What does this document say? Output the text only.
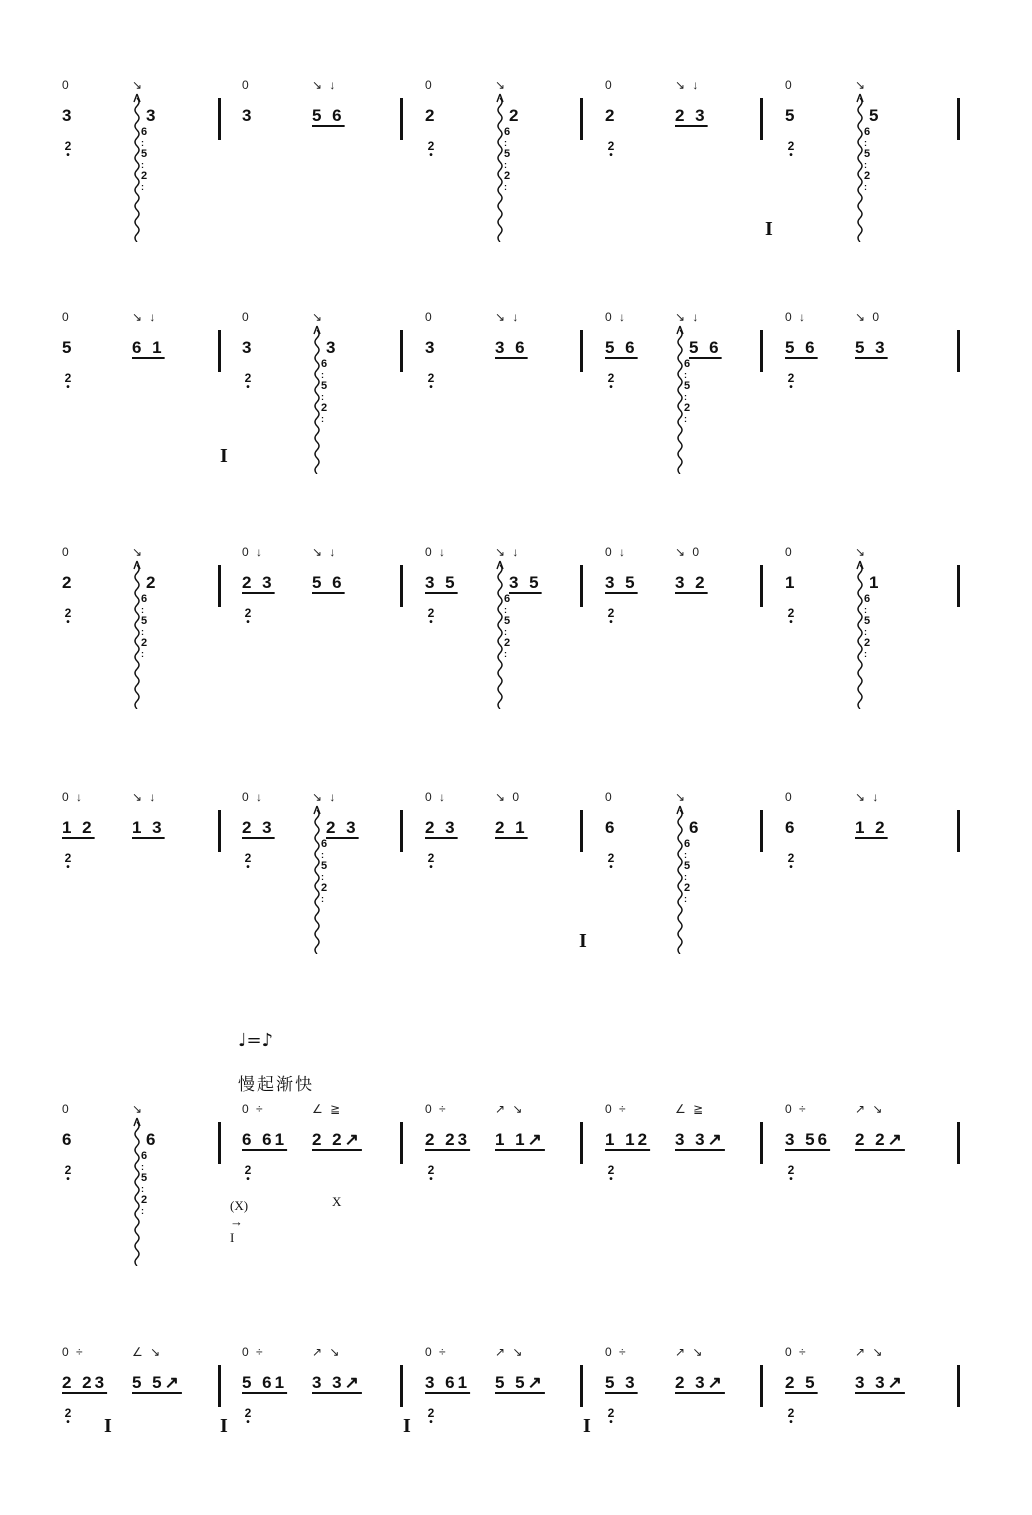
♩=♪
慢起渐快
0
3
2
•
↘
3
6
:
5
:
2
:
0
3
↘ ↓
5 6
0
2
2
•
↘
2
6
:
5
:
2
:
0
2
2
•
↘ ↓
2 3
0
5
2
•
I
↘
5
6
:
5
:
2
:
0
5
2
•
↘ ↓
6 1
0
3
2
•
I
↘
3
6
:
5
:
2
:
0
3
2
•
↘ ↓
3 6
0 ↓
5 6
2
•
↘ ↓
5 6
6
:
5
:
2
:
0 ↓
5 6
2
•
↘ 0
5 3
0
2
2
•
↘
2
6
:
5
:
2
:
0 ↓
2 3
2
•
↘ ↓
5 6
0 ↓
3 5
2
•
↘ ↓
3 5
6
:
5
:
2
:
0 ↓
3 5
2
•
↘ 0
3 2
0
1
2
•
↘
1
6
:
5
:
2
:
0 ↓
1 2
2
•
↘ ↓
1 3
0 ↓
2 3
2
•
↘ ↓
2 3
6
:
5
:
2
:
0 ↓
2 3
2
•
↘ 0
2 1
0
6
2
•
I
↘
6
6
:
5
:
2
:
0
6
2
•
↘ ↓
1 2
0
6
2
•
↘
6
6
:
5
:
2
:
0 ÷
6 61
2
•
(X) → I
X
∠ ≧
2 2↗
0 ÷
2 23
2
•
↗ ↘
1 1↗
0 ÷
1 12
2
•
∠ ≧
3 3↗
0 ÷
3 56
2
•
↗ ↘
2 2↗
0 ÷
2 23
2
• I
∠ ↘
5 5↗
0 ÷
5 61
2
•
I
↗ ↘
3 3↗
0 ÷
3 61
2
•
I
↗ ↘
5 5↗
0 ÷
5 3
2
•
I
↗ ↘
2 3↗
0 ÷
2 5
2
•
↗ ↘
3 3↗
